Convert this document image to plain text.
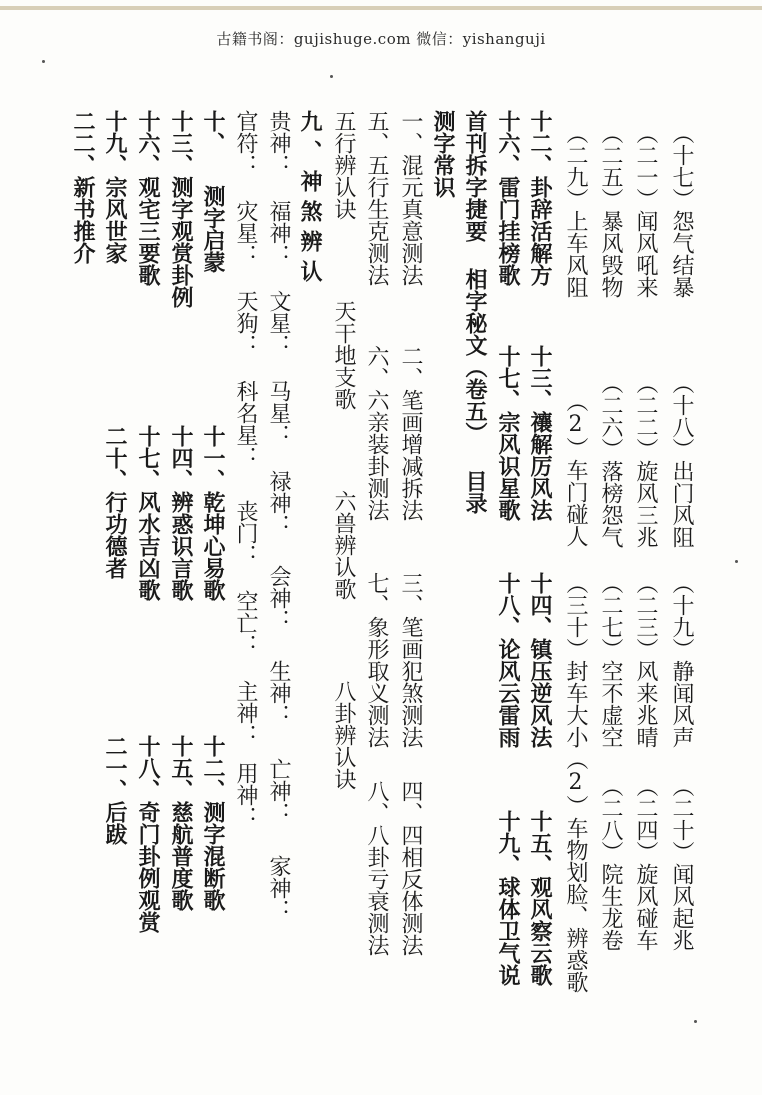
古籍书阁：gujishuge.com 微信：yishanguji
（十七）怨气结暴
（十八）出门风阻
（十九）静闻风声
（二十）闻风起兆
（二一）闻风吼来
（二二）旋风三兆
（二三）风来兆晴
（二四）旋风碰车
（二五）暴风毁物
（二六）落榜怨气
（二七）空不虚空
（二八）院生龙卷
（二九）上车风阻
（2）车门碰人
（三十）封车大小（2）车物划脸、辨惑歌
十二、卦辞活解方
十三、禳解厉风法
十四、镇压逆风法
十五、观风察云歌
十六、雷门挂榜歌
十七、宗风识星歌
十八、论风云雷雨
十九、球体卫气说
首刊拆字捷要 相字秘文（卷五） 目录
测字常识
一、混元真意测法
二、笔画增减拆法
三、笔画犯煞测法
四、四相反体测法
五、五行生克测法
六、六亲装卦测法
七、象形取义测法
八、八卦亏衰测法
五行辨认诀
天干地支歌
六兽辨认歌
八卦辨认诀
九、神煞辨认
贵神：
福神：
文星：
马星：
禄神：
会神：
生神：
亡神：
家神：
官符：
灾星：
天狗：
科名星：
丧门：
空亡：
主神：
用神：
十、
测字启蒙
十一、乾坤心易歌
十二、测字混断歌
十三、测字观赏卦例
十四、辨惑识言歌
十五、慈航普度歌
十六、观宅三要歌
十七、风水吉凶歌
十八、奇门卦例观赏
十九、宗风世家
二十、行功德者
二一、后跋
二二、新书推介
